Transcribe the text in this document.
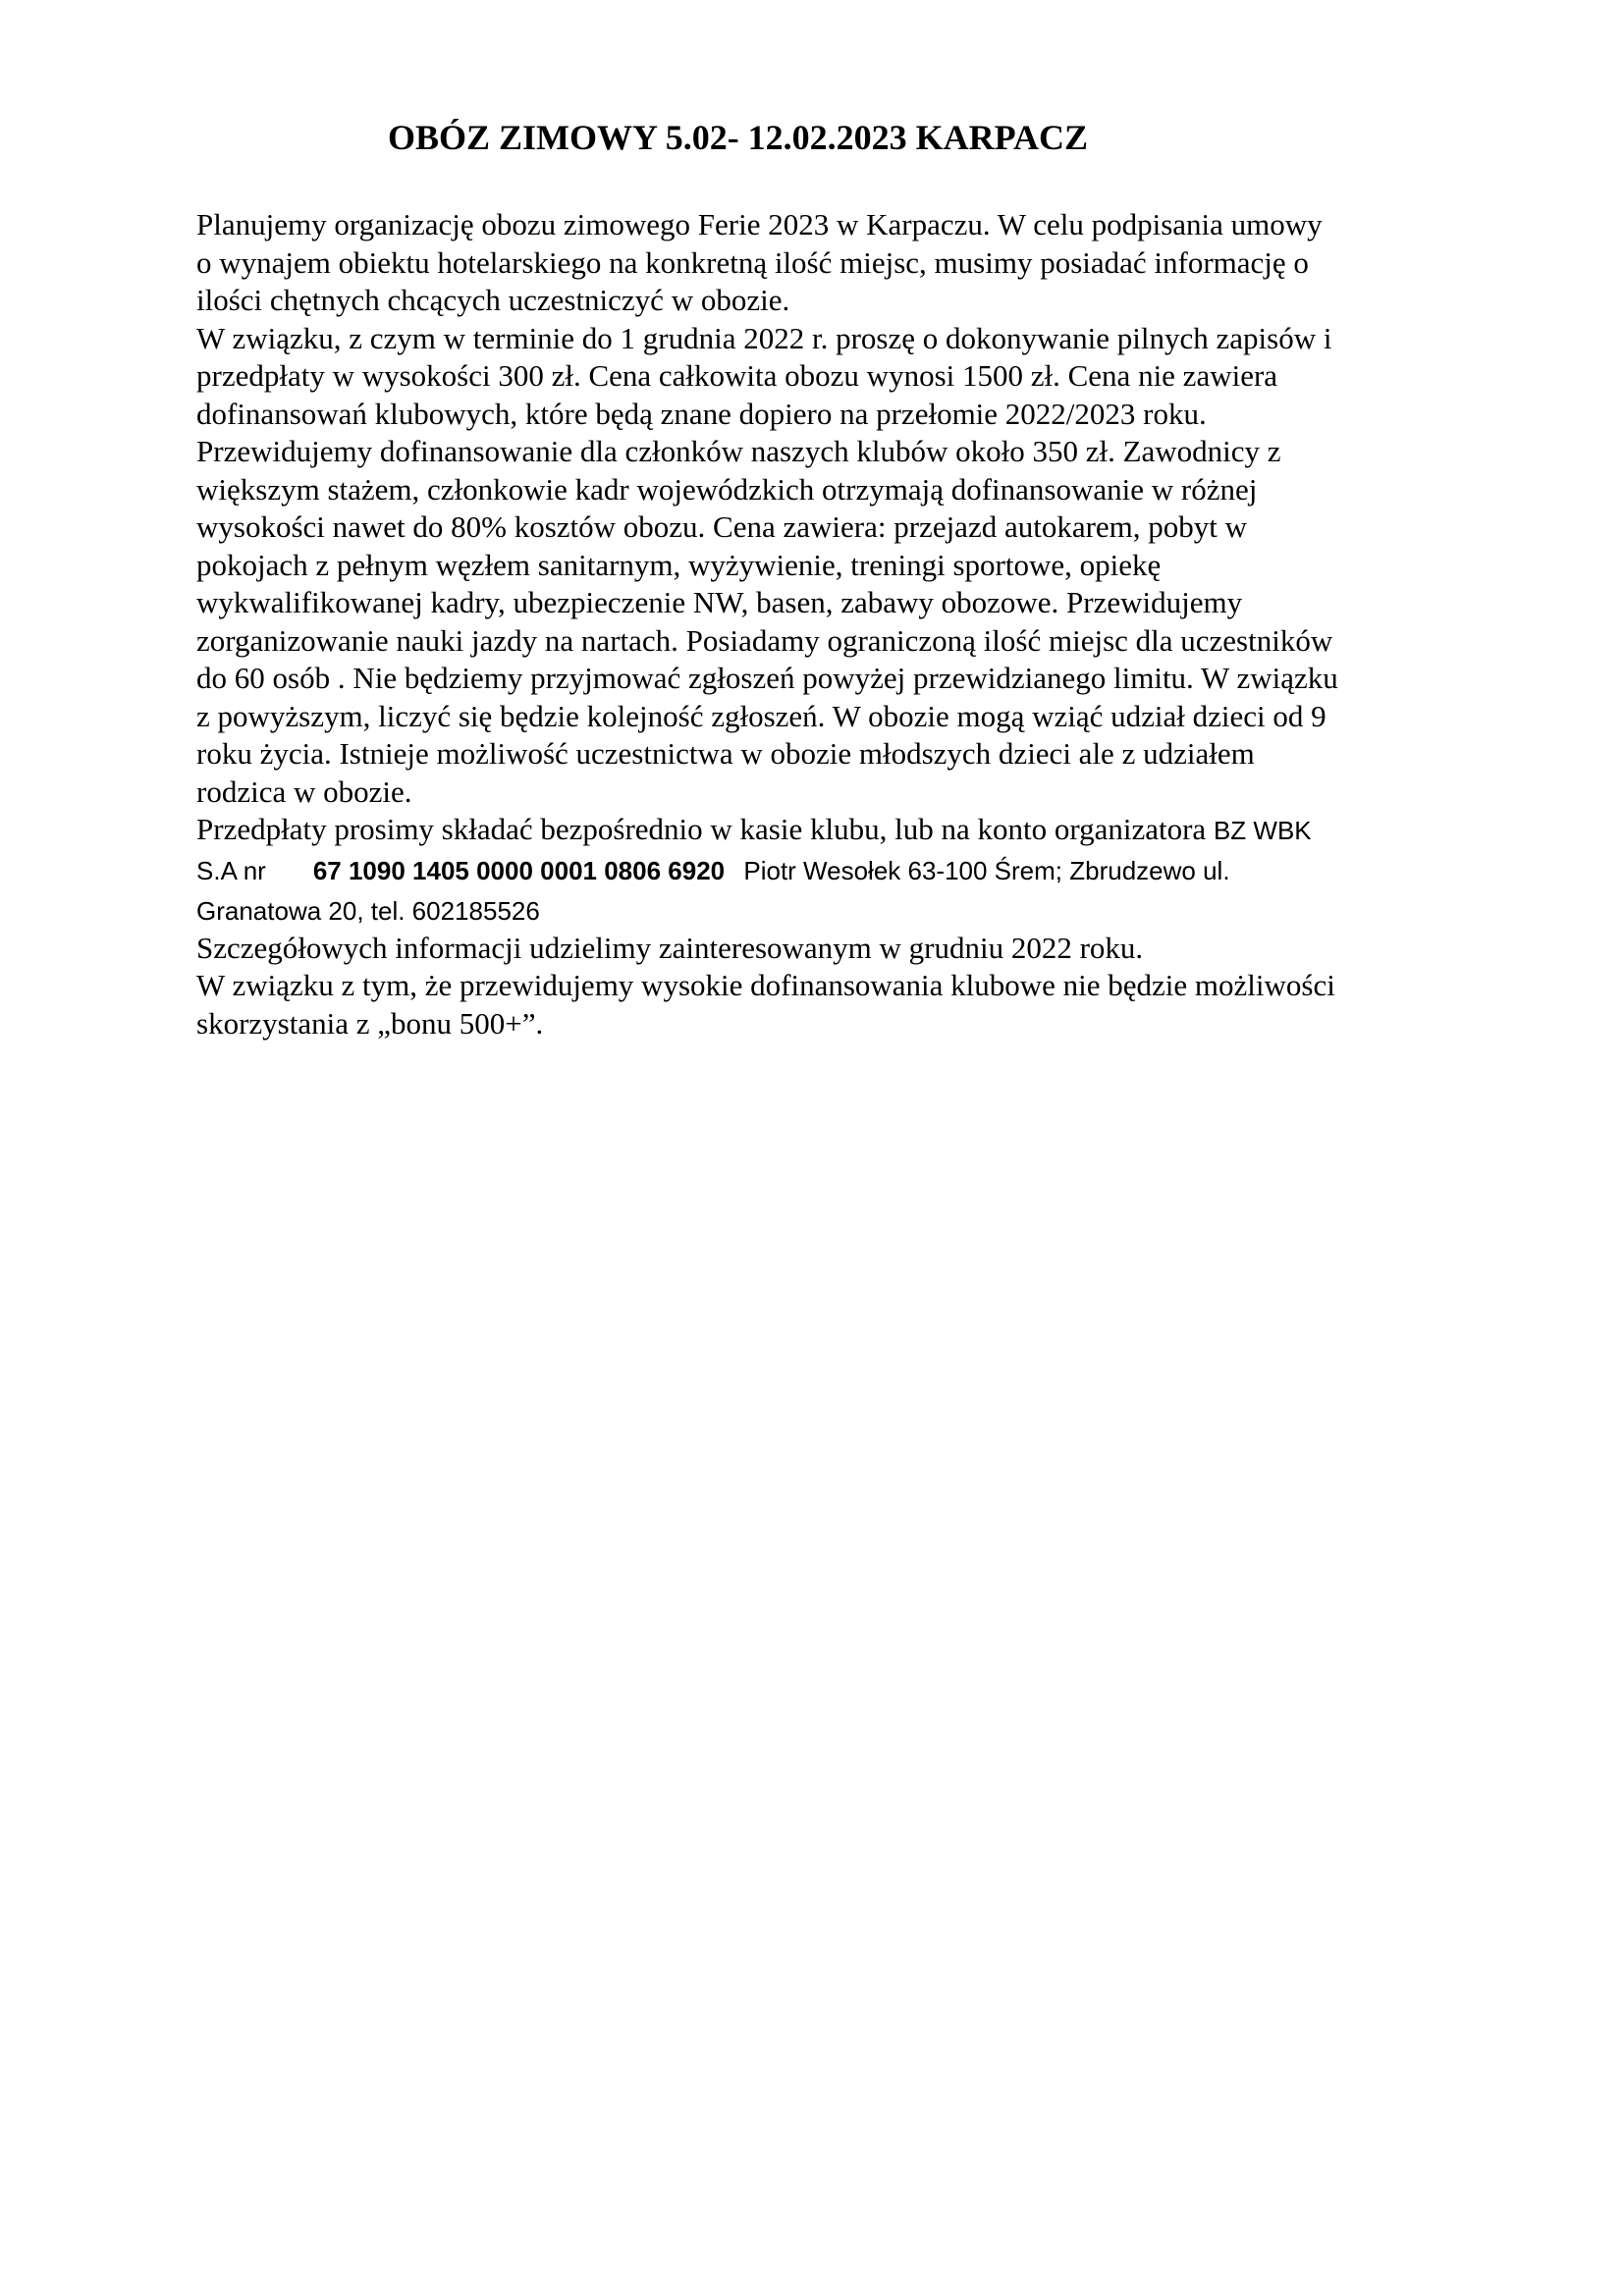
OBÓZ ZIMOWY 5.02- 12.02.2023 KARPACZ
Planujemy organizację obozu zimowego Ferie 2023 w Karpaczu. W celu podpisania umowy
o wynajem obiektu hotelarskiego na konkretną ilość miejsc, musimy posiadać informację o
ilości chętnych chcących uczestniczyć w obozie.
W związku, z czym w terminie do 1 grudnia 2022 r. proszę o dokonywanie pilnych zapisów i
przedpłaty w wysokości 300 zł. Cena całkowita obozu wynosi 1500 zł. Cena nie zawiera
dofinansowań klubowych, które będą znane dopiero na przełomie 2022/2023 roku.
Przewidujemy dofinansowanie dla członków naszych klubów około 350 zł. Zawodnicy z
większym stażem, członkowie kadr wojewódzkich otrzymają dofinansowanie w różnej
wysokości nawet do 80% kosztów obozu. Cena zawiera: przejazd autokarem, pobyt w
pokojach z pełnym węzłem sanitarnym, wyżywienie, treningi sportowe, opiekę
wykwalifikowanej kadry, ubezpieczenie NW, basen, zabawy obozowe. Przewidujemy
zorganizowanie nauki jazdy na nartach. Posiadamy ograniczoną ilość miejsc dla uczestników
do 60 osób . Nie będziemy przyjmować zgłoszeń powyżej przewidzianego limitu. W związku
z powyższym, liczyć się będzie kolejność zgłoszeń. W obozie mogą wziąć udział dzieci od 9
roku życia. Istnieje możliwość uczestnictwa w obozie młodszych dzieci ale z udziałem
rodzica w obozie.
Przedpłaty prosimy składać bezpośrednio w kasie klubu, lub na konto organizatora BZ WBK
S.A nr 67 1090 1405 0000 0001 0806 6920 Piotr Wesołek 63-100 Śrem; Zbrudzewo ul.
Granatowa 20, tel. 602185526
Szczegółowych informacji udzielimy zainteresowanym w grudniu 2022 roku.
W związku z tym, że przewidujemy wysokie dofinansowania klubowe nie będzie możliwości
skorzystania z „bonu 500+”.
